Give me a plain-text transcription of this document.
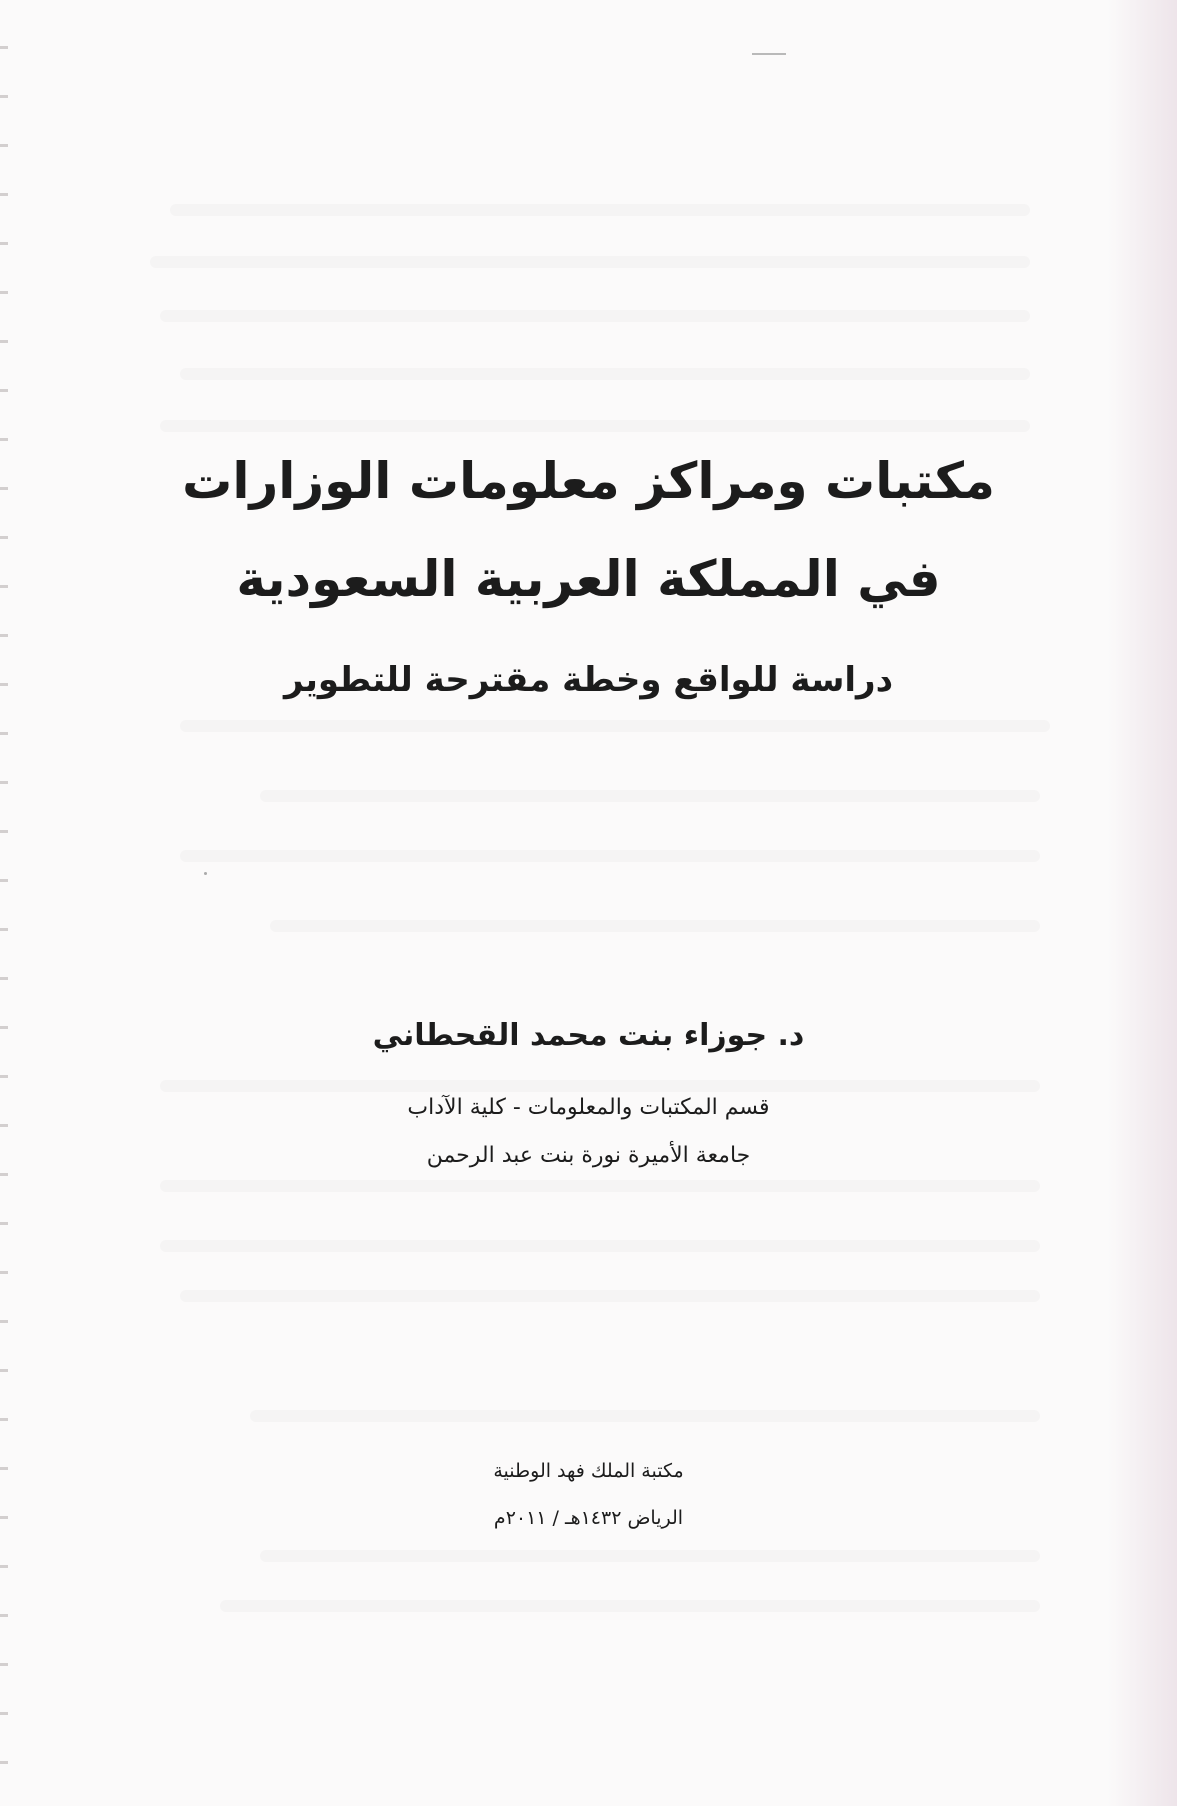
مكتبات ومراكز معلومات الوزارات
في المملكة العربية السعودية
دراسة للواقع وخطة مقترحة للتطوير
د. جوزاء بنت محمد القحطاني
قسم المكتبات والمعلومات - كلية الآداب
جامعة الأميرة نورة بنت عبد الرحمن
مكتبة الملك فهد الوطنية
الرياض ١٤٣٢هـ / ٢٠١١م
